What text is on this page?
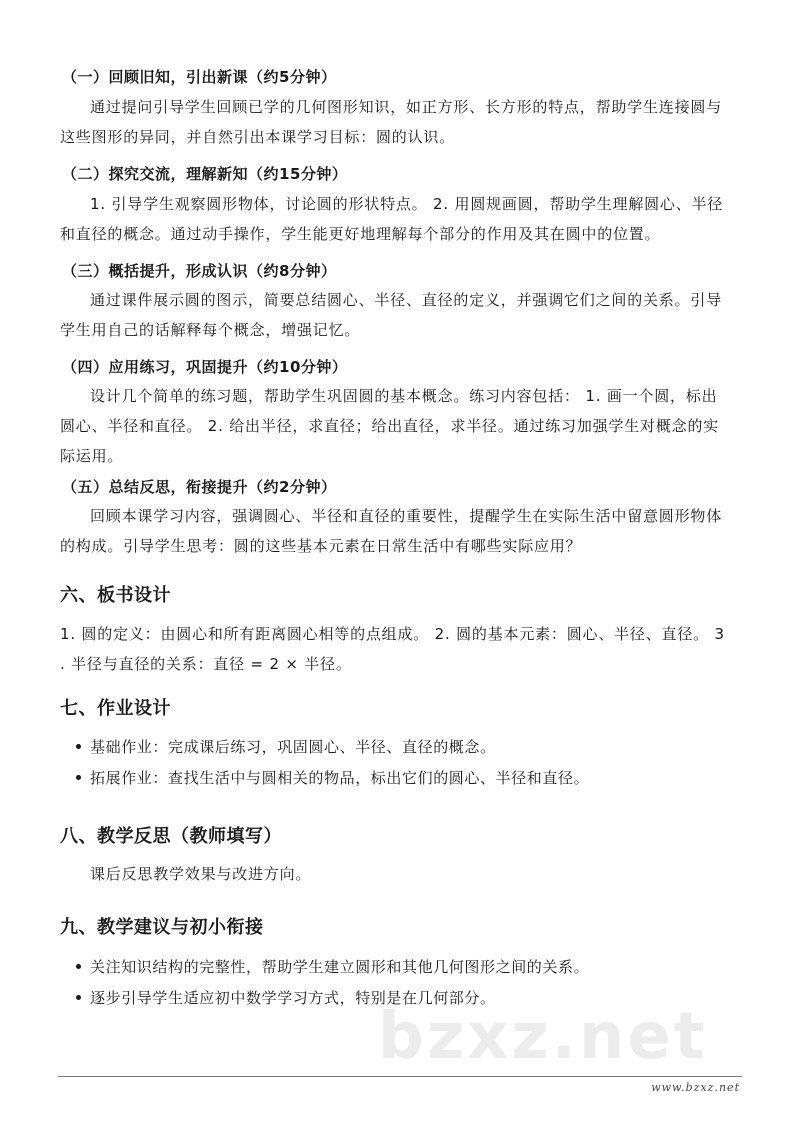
（一）回顾旧知，引出新课（约5分钟）
通过提问引导学生回顾已学的几何图形知识，如正方形、长方形的特点，帮助学生连接圆与
这些图形的异同，并自然引出本课学习目标：圆的认识。
（二）探究交流，理解新知（约15分钟）
1. 引导学生观察圆形物体，讨论圆的形状特点。 2. 用圆规画圆，帮助学生理解圆心、半径
和直径的概念。通过动手操作，学生能更好地理解每个部分的作用及其在圆中的位置。
（三）概括提升，形成认识（约8分钟）
通过课件展示圆的图示，简要总结圆心、半径、直径的定义，并强调它们之间的关系。引导
学生用自己的话解释每个概念，增强记忆。
（四）应用练习，巩固提升（约10分钟）
设计几个简单的练习题，帮助学生巩固圆的基本概念。练习内容包括： 1. 画一个圆，标出
圆心、半径和直径。 2. 给出半径，求直径；给出直径，求半径。通过练习加强学生对概念的实
际运用。
（五）总结反思，衔接提升（约2分钟）
回顾本课学习内容，强调圆心、半径和直径的重要性，提醒学生在实际生活中留意圆形物体
的构成。引导学生思考：圆的这些基本元素在日常生活中有哪些实际应用？
六、板书设计
1. 圆的定义：由圆心和所有距离圆心相等的点组成。 2. 圆的基本元素：圆心、半径、直径。 3
. 半径与直径的关系：直径 = 2 × 半径。
七、作业设计
基础作业：完成课后练习，巩固圆心、半径、直径的概念。
拓展作业：查找生活中与圆相关的物品，标出它们的圆心、半径和直径。
八、教学反思（教师填写）
课后反思教学效果与改进方向。
九、教学建议与初小衔接
关注知识结构的完整性，帮助学生建立圆形和其他几何图形之间的关系。
逐步引导学生适应初中数学学习方式，特别是在几何部分。
bzxz.net
www.bzxz.net
